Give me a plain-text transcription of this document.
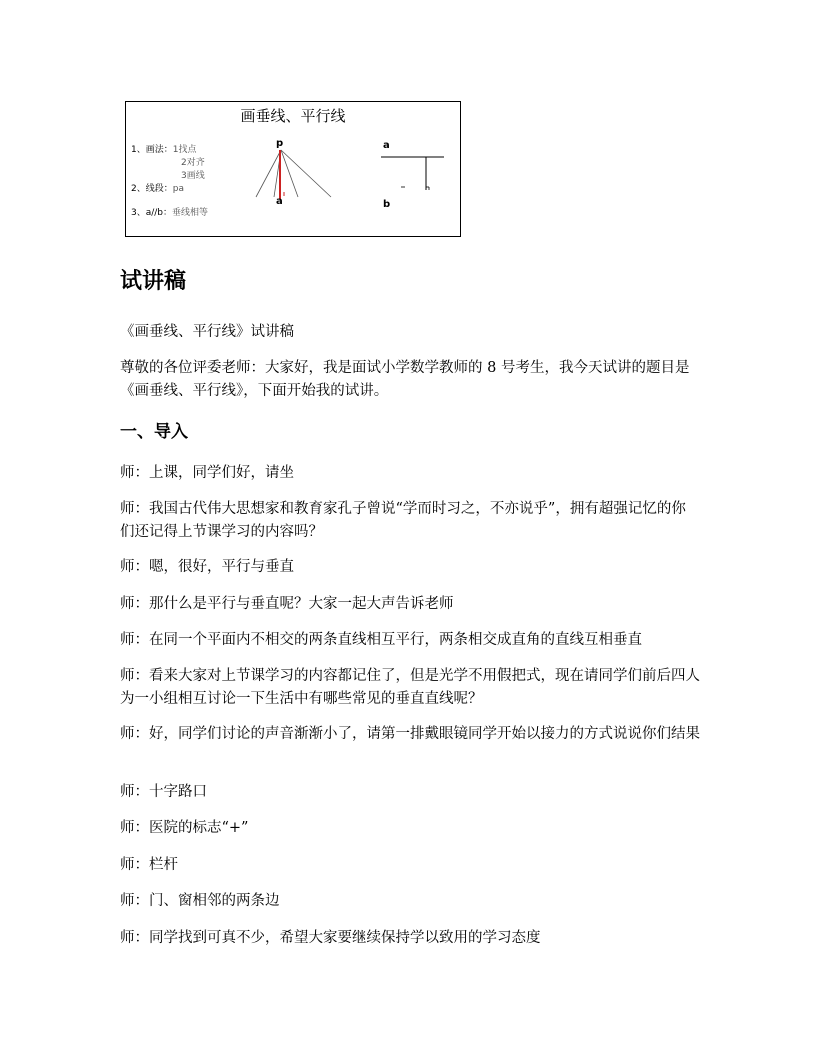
画垂线、平行线
1、画法：1找点
2对齐
3画线
2、线段：pa
3、a//b：垂线相等
p
a
a
b
试讲稿

《画垂线、平行线》试讲稿

尊敬的各位评委老师：大家好，我是面试小学数学教师的 8 号考生，我今天试讲的题目是《画垂线、平行线》，下面开始我的试讲。

一、导入

师：上课，同学们好，请坐

师：我国古代伟大思想家和教育家孔子曾说“学而时习之，不亦说乎”，拥有超强记忆的你们还记得上节课学习的内容吗？

师：嗯，很好，平行与垂直

师：那什么是平行与垂直呢？大家一起大声告诉老师

师：在同一个平面内不相交的两条直线相互平行，两条相交成直角的直线互相垂直

师：看来大家对上节课学习的内容都记住了，但是光学不用假把式，现在请同学们前后四人为一小组相互讨论一下生活中有哪些常见的垂直直线呢？

师：好，同学们讨论的声音渐渐小了，请第一排戴眼镜同学开始以接力的方式说说你们结果

师：十字路口

师：医院的标志“+”

师：栏杆

师：门、窗相邻的两条边

师：同学找到可真不少，希望大家要继续保持学以致用的学习态度
